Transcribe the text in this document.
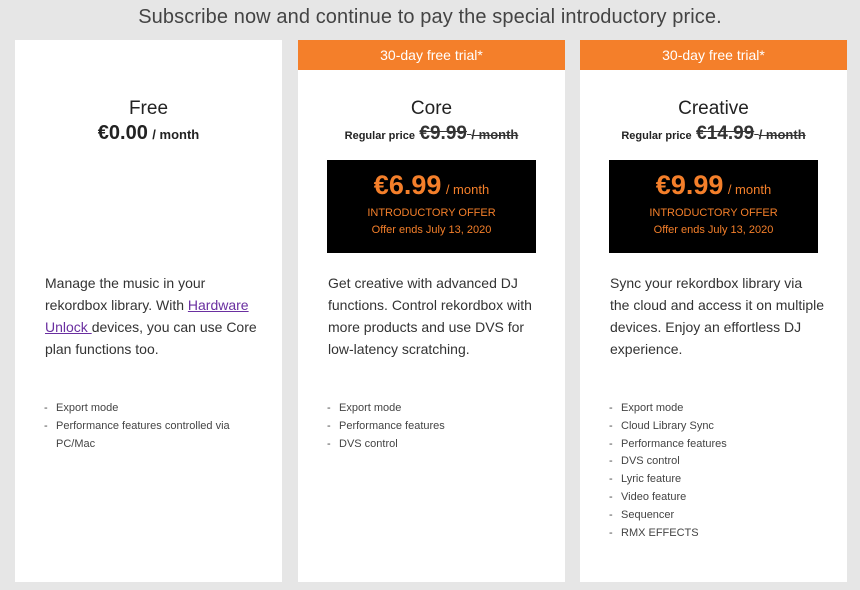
Subscribe now and continue to pay the special introductory price.
Free
€0.00 / month
Manage the music in your rekordbox library. With Hardware Unlock devices, you can use Core plan functions too.
- Export mode
- Performance features controlled via PC/Mac
30-day free trial*
Core
Regular price €9.99 / month
€6.99 / month
INTRODUCTORY OFFER
Offer ends July 13, 2020
Get creative with advanced DJ functions. Control rekordbox with more products and use DVS for low-latency scratching.
- Export mode
- Performance features
- DVS control
30-day free trial*
Creative
Regular price €14.99 / month
€9.99 / month
INTRODUCTORY OFFER
Offer ends July 13, 2020
Sync your rekordbox library via the cloud and access it on multiple devices. Enjoy an effortless DJ experience.
- Export mode
- Cloud Library Sync
- Performance features
- DVS control
- Lyric feature
- Video feature
- Sequencer
- RMX EFFECTS
